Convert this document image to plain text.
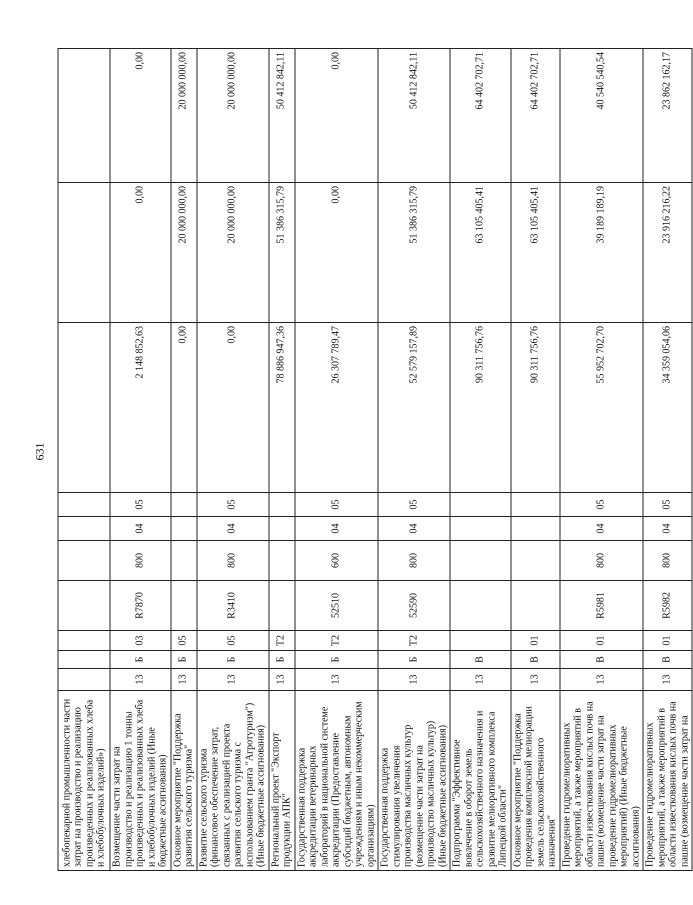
631
хлебопекарной промышленности части затрат на производство и реализацию произведенных и реализованных хлеба и хлебобулочных изделий»)										
Возмещение части затрат на производство и реализацию 1 тонны произведенных и реализованных хлеба и хлебобулочных изделий (Иные бюджетные ассигнования)	13	Б	03	R7870	800	04	05	2 148 852,63	0,00	0,00
Основное мероприятие "Поддержка развития сельского туризма"	13	Б	05					0,00	20 000 000,00	20 000 000,00
Развитие сельского туризма (финансовое обеспечение затрат, связанных с реализацией проекта развития сельского туризма с использованием гранта "Агротуризм") (Иные бюджетные ассигнования)	13	Б	05	R3410	800	04	05	0,00	20 000 000,00	20 000 000,00
Региональный проект "Экспорт продукции АПК"	13	Б	Т2					78 886 947,36	51 386 315,79	50 412 842,11
Государственная поддержка аккредитации ветеринарных лабораторий в национальной системе аккредитации (Предоставление субсидий бюджетным, автономным учреждениям и иным некоммерческим организациям)	13	Б	Т2	52510	600	04	05	26 307 789,47	0,00	0,00
Государственная поддержка стимулирования увеличения производства масличных культур (возмещение части затрат на производство масличных культур) (Иные бюджетные ассигнования)	13	Б	Т2	52590	800	04	05	52 579 157,89	51 386 315,79	50 412 842,11
Подпрограмма "Эффективное вовлечение в оборот земель сельскохозяйственного назначения и развитие мелиоративного комплекса Липецкой области"	13	В						90 311 756,76	63 105 405,41	64 402 702,71
Основное мероприятие "Поддержка проведения комплексной мелиорации земель сельскохозяйственного назначения"	13	В	01					90 311 756,76	63 105 405,41	64 402 702,71
Проведение гидромелиоративных мероприятий, а также мероприятий в области известкования кислых почв на пашне (возмещение части затрат на проведение гидромелиоративных мероприятий) (Иные бюджетные ассигнования)	13	В	01	R5981	800	04	05	55 952 702,70	39 189 189,19	40 540 540,54
Проведение гидромелиоративных мероприятий, а также мероприятий в области известкования кислых почв на пашне (возмещение части затрат на	13	В	01	R5982	800	04	05	34 359 054,06	23 916 216,22	23 862 162,17
